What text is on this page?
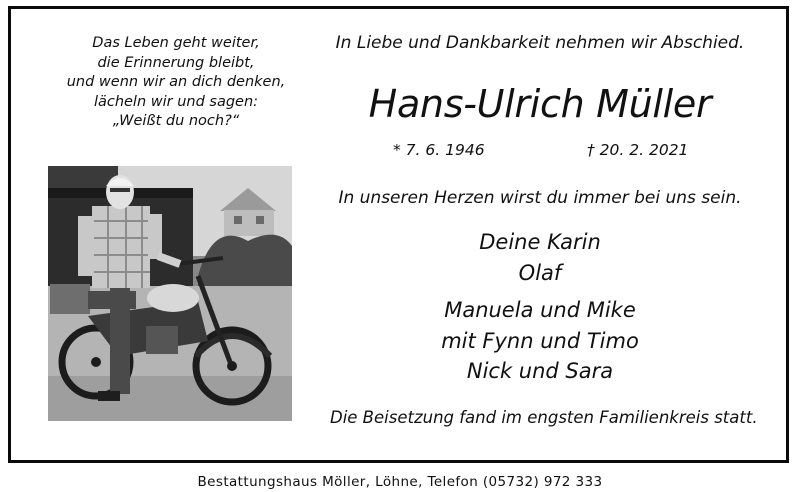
Das Leben geht weiter,
die Erinnerung bleibt,
und wenn wir an dich denken,
lächeln wir und sagen:
„Weißt du noch?“
In Liebe und Dankbarkeit nehmen wir Abschied.
Hans-Ulrich Müller
* 7. 6. 1946	† 20. 2. 2021
In unseren Herzen wirst du immer bei uns sein.
Deine Karin
Olaf
Manuela und Mike
mit Fynn und Timo
Nick und Sara
Die Beisetzung fand im engsten Familienkreis statt.
Bestattungshaus Möller, Löhne, Telefon (05732) 972 333
